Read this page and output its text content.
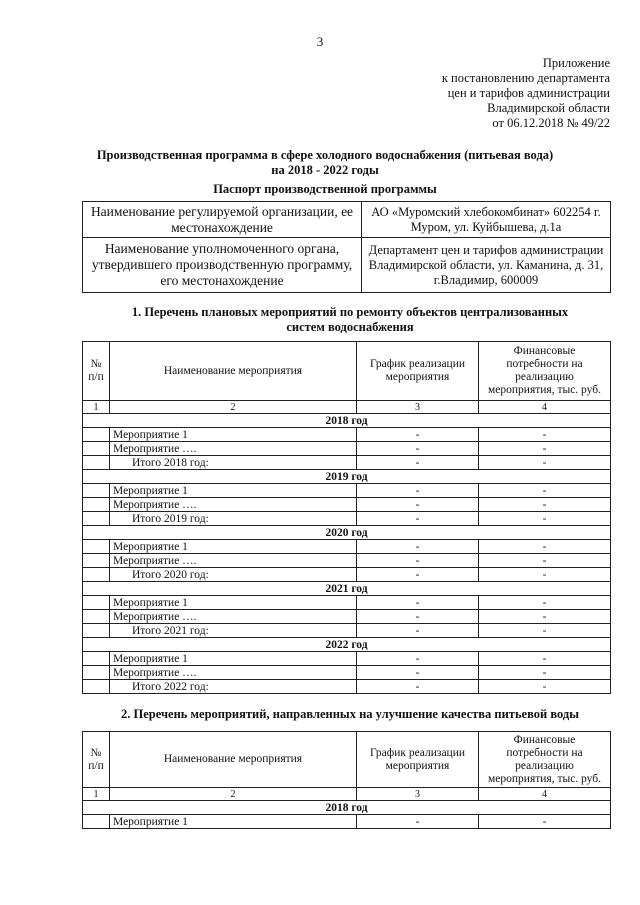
3
Приложение
к постановлению департамента
цен и тарифов администрации
Владимирской области
от 06.12.2018 № 49/22
Производственная программа в сфере холодного водоснабжения (питьевая вода)
на 2018 - 2022 годы
Паспорт производственной программы
Наименование регулируемой организации, ее местонахождение	АО «Муромский хлебокомбинат» 602254 г. Муром, ул. Куйбышева, д.1а
Наименование уполномоченного органа, утвердившего производственную программу, его местонахождение	Департамент цен и тарифов администрации Владимирской области, ул. Каманина, д. 31, г.Владимир, 600009
1. Перечень плановых мероприятий по ремонту объектов централизованных
систем водоснабжения
№ п/п	Наименование мероприятия	График реализации мероприятия	Финансовые потребности на реализацию мероприятия, тыс. руб.
1	2	3	4
2018 год			
	Мероприятие 1	-	-
	Мероприятие ….	-	-
	Итого 2018 год:	-	-
2019 год			
	Мероприятие 1	-	-
	Мероприятие ….	-	-
	Итого 2019 год:	-	-
2020 год			
	Мероприятие 1	-	-
	Мероприятие ….	-	-
	Итого 2020 год:	-	-
2021 год			
	Мероприятие 1	-	-
	Мероприятие ….	-	-
	Итого 2021 год:	-	-
2022 год			
	Мероприятие 1	-	-
	Мероприятие ….	-	-
	Итого 2022 год:	-	-
2. Перечень мероприятий, направленных на улучшение качества питьевой воды
№ п/п	Наименование мероприятия	График реализации мероприятия	Финансовые потребности на реализацию мероприятия, тыс. руб.
1	2	3	4
2018 год			
	Мероприятие 1	-	-
